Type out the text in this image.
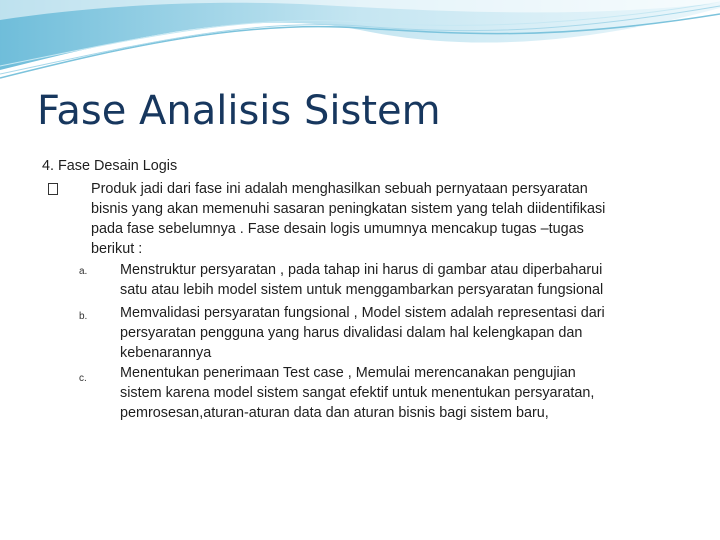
Fase Analisis Sistem
4. Fase Desain Logis
Produk jadi dari fase ini adalah menghasilkan sebuah pernyataan persyaratan
bisnis yang akan memenuhi sasaran peningkatan sistem yang telah diidentifikasi
pada fase sebelumnya . Fase desain logis umumnya mencakup tugas –tugas
berikut :
a. Menstruktur persyaratan , pada tahap ini harus di gambar atau diperbaharui
satu atau lebih model sistem untuk menggambarkan persyaratan fungsional
b. Memvalidasi persyaratan fungsional , Model sistem adalah representasi dari
persyaratan pengguna yang harus divalidasi dalam hal kelengkapan dan
kebenarannya
c. Menentukan penerimaan Test case , Memulai merencanakan pengujian
sistem karena model sistem sangat efektif untuk menentukan persyaratan,
pemrosesan,aturan-aturan data dan aturan bisnis bagi sistem baru,
